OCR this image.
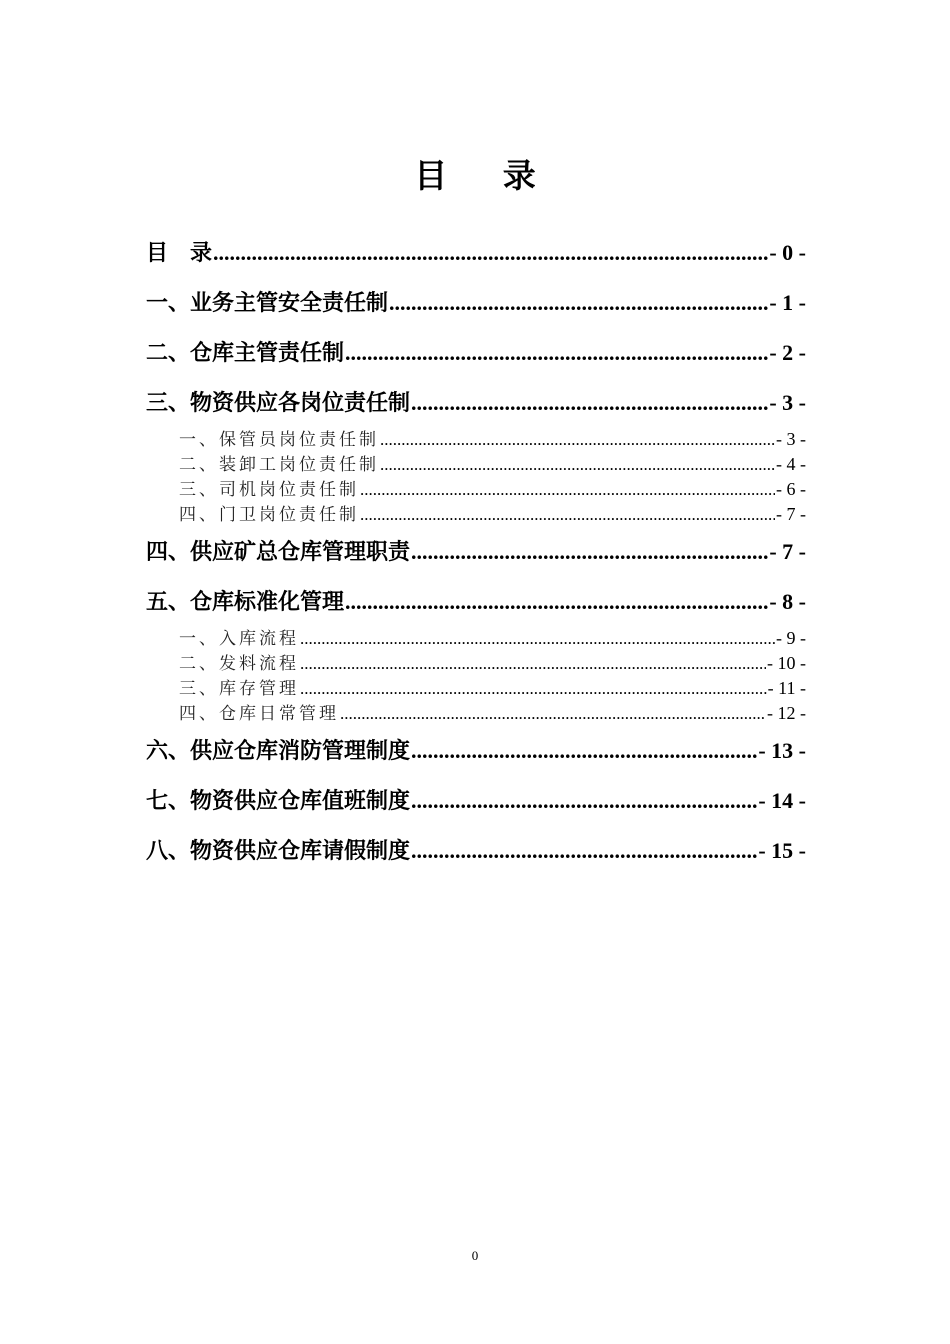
目 录
目　录 .....	- 0 -
一、业务主管安全责任制 .....	- 1 -
二、仓库主管责任制 .....	- 2 -
三、物资供应各岗位责任制 .....	- 3 -
一、保管员岗位责任制 .....	- 3 -
二、装卸工岗位责任制 .....	- 4 -
三、司机岗位责任制 .....	- 6 -
四、门卫岗位责任制 .....	- 7 -
四、供应矿总仓库管理职责 .....	- 7 -
五、仓库标准化管理 .....	- 8 -
一、入库流程 .....	- 9 -
二、发料流程 .....	- 10 -
三、库存管理 .....	- 11 -
四、仓库日常管理 .....	- 12 -
六、供应仓库消防管理制度 .....	- 13 -
七、物资供应仓库值班制度 .....	- 14 -
八、物资供应仓库请假制度 .....	- 15 -
0
